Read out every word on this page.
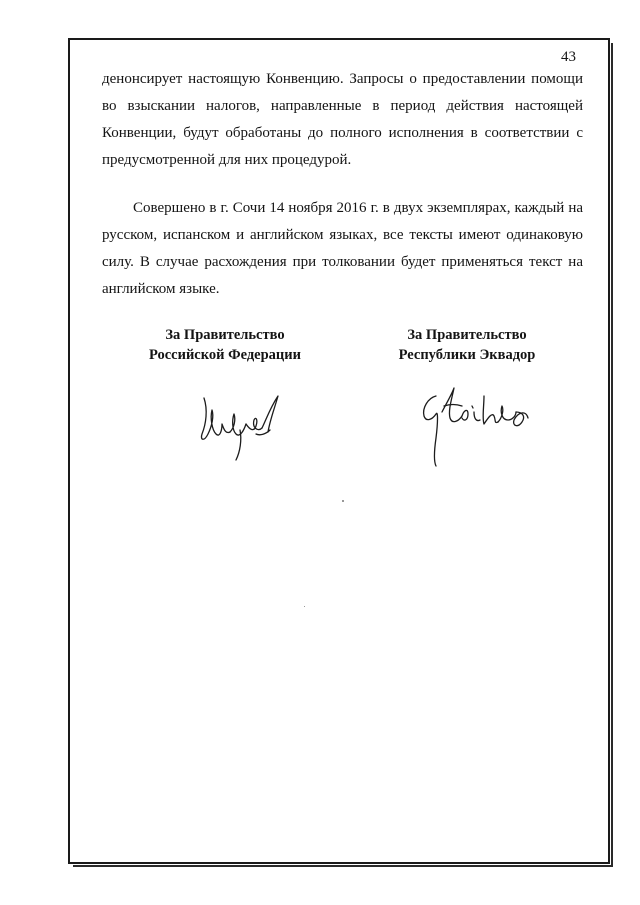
43

денонсирует настоящую Конвенцию. Запросы о предоставлении помощи во взыскании налогов, направленные в период действия настоящей Конвенции, будут обработаны до полного исполнения в соответствии с предусмотренной для них процедурой.

Совершено в г. Сочи 14 ноября 2016 г. в двух экземплярах, каждый на русском, испанском и английском языках, все тексты имеют одинаковую силу. В случае расхождения при толковании будет применяться текст на английском языке.

За Правительство
Российской Федерации
За Правительство
Республики Эквадор
